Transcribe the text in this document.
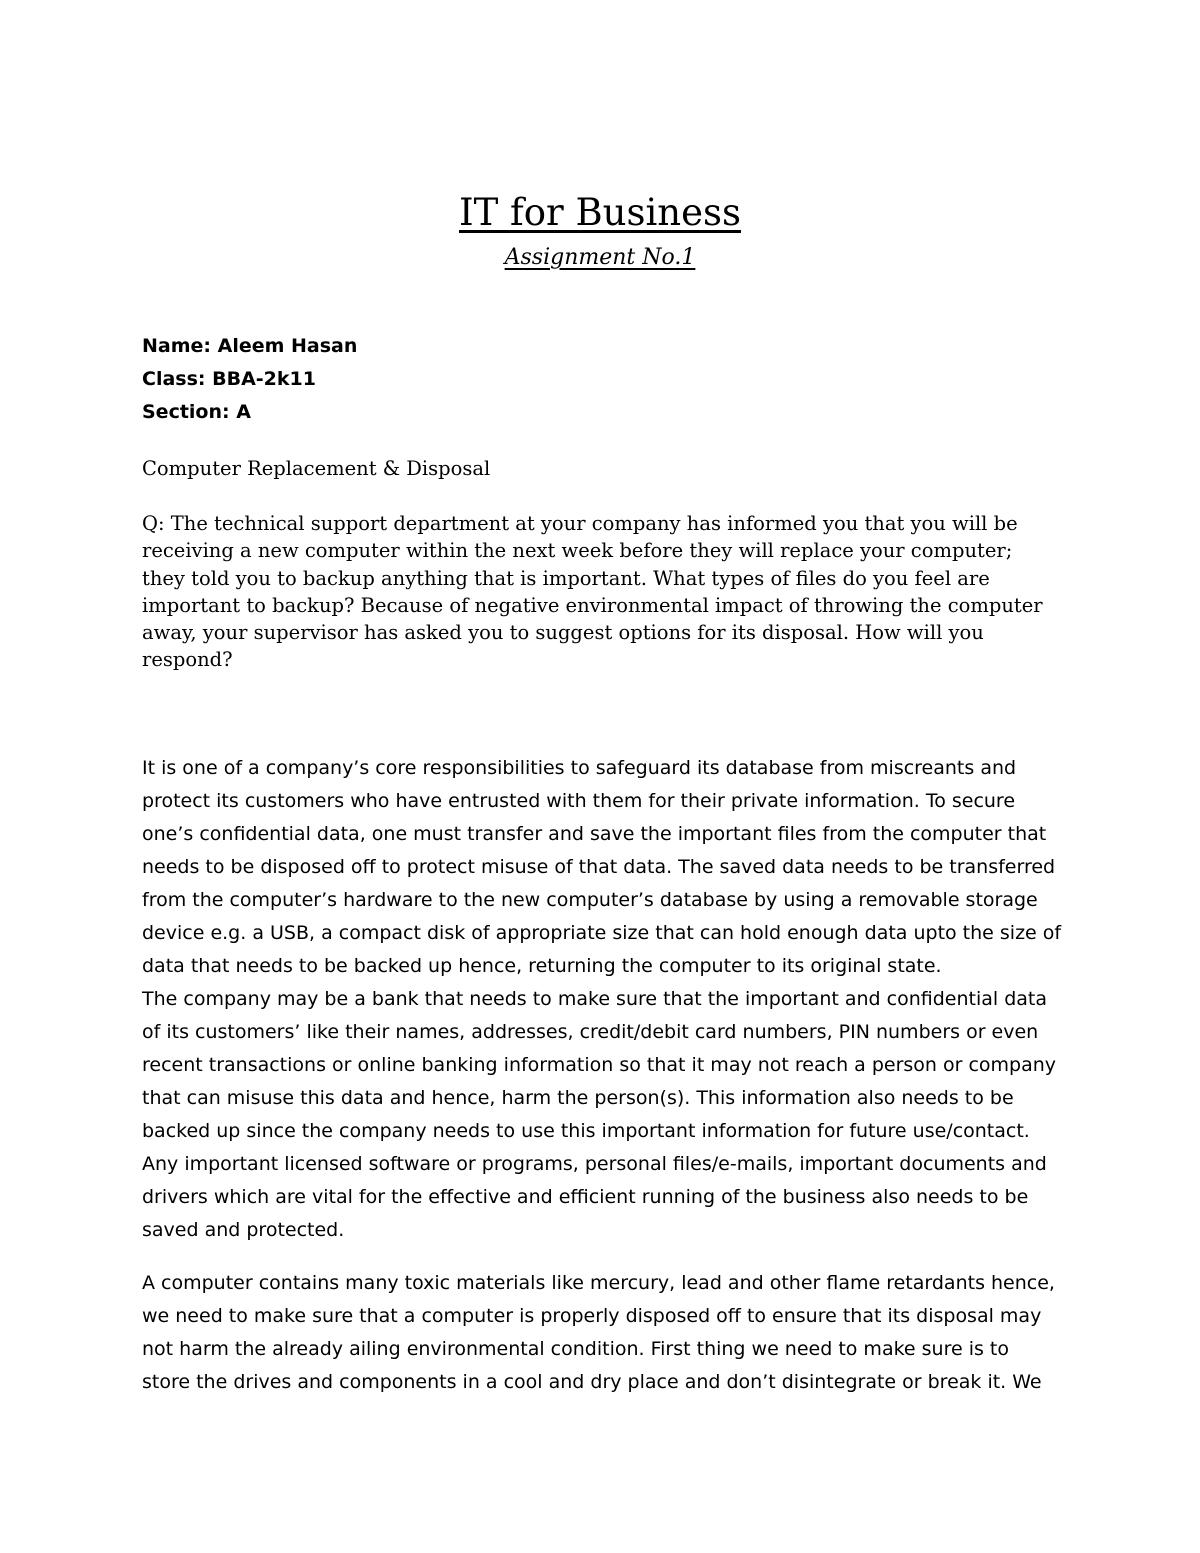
IT for Business
Assignment No.1
Name: Aleem Hasan
Class: BBA-2k11
Section: A
Computer Replacement & Disposal
Q: The technical support department at your company has informed you that you will be
receiving a new computer within the next week before they will replace your computer;
they told you to backup anything that is important. What types of files do you feel are
important to backup? Because of negative environmental impact of throwing the computer
away, your supervisor has asked you to suggest options for its disposal. How will you
respond?
It is one of a company’s core responsibilities to safeguard its database from miscreants and
protect its customers who have entrusted with them for their private information. To secure
one’s confidential data, one must transfer and save the important files from the computer that
needs to be disposed off to protect misuse of that data. The saved data needs to be transferred
from the computer’s hardware to the new computer’s database by using a removable storage
device e.g. a USB, a compact disk of appropriate size that can hold enough data upto the size of
data that needs to be backed up hence, returning the computer to its original state.
The company may be a bank that needs to make sure that the important and confidential data
of its customers’ like their names, addresses, credit/debit card numbers, PIN numbers or even
recent transactions or online banking information so that it may not reach a person or company
that can misuse this data and hence, harm the person(s). This information also needs to be
backed up since the company needs to use this important information for future use/contact.
Any important licensed software or programs, personal files/e-mails, important documents and
drivers which are vital for the effective and efficient running of the business also needs to be
saved and protected.
A computer contains many toxic materials like mercury, lead and other flame retardants hence,
we need to make sure that a computer is properly disposed off to ensure that its disposal may
not harm the already ailing environmental condition. First thing we need to make sure is to
store the drives and components in a cool and dry place and don’t disintegrate or break it. We
